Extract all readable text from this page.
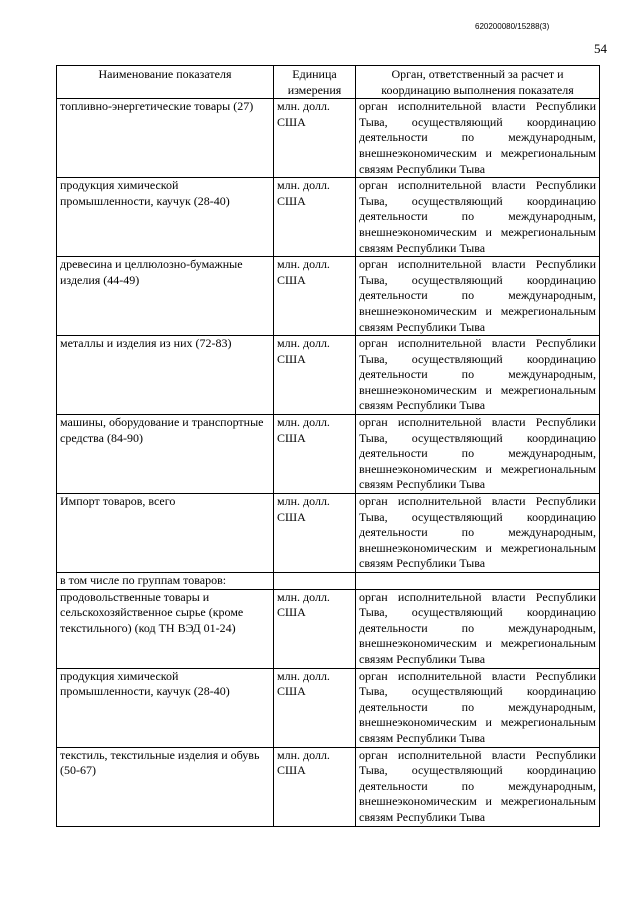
620200080/15288(3)
54
Наименование показателя	Единица измерения	Орган, ответственный за расчет и координацию выполнения показателя
топливно-энергетические товары (27)	млн. долл. США	орган исполнительной власти Республики Тыва, осуществляющий координацию деятельности по международным, внешнеэкономическим и межрегиональным связям Республики Тыва
продукция химической промышленности, каучук (28-40)	млн. долл. США	орган исполнительной власти Республики Тыва, осуществляющий координацию деятельности по международным, внешнеэкономическим и межрегиональным связям Республики Тыва
древесина и целлюлозно-бумажные изделия (44-49)	млн. долл. США	орган исполнительной власти Республики Тыва, осуществляющий координацию деятельности по международным, внешнеэкономическим и межрегиональным связям Республики Тыва
металлы и изделия из них (72-83)	млн. долл. США	орган исполнительной власти Республики Тыва, осуществляющий координацию деятельности по международным, внешнеэкономическим и межрегиональным связям Республики Тыва
машины, оборудование и транспортные средства (84-90)	млн. долл. США	орган исполнительной власти Республики Тыва, осуществляющий координацию деятельности по международным, внешнеэкономическим и межрегиональным связям Республики Тыва
Импорт товаров, всего	млн. долл. США	орган исполнительной власти Республики Тыва, осуществляющий координацию деятельности по международным, внешнеэкономическим и межрегиональным связям Республики Тыва
в том числе по группам товаров:		
продовольственные товары и сельскохозяйственное сырье (кроме текстильного) (код ТН ВЭД 01-24)	млн. долл. США	орган исполнительной власти Республики Тыва, осуществляющий координацию деятельности по международным, внешнеэкономическим и межрегиональным связям Республики Тыва
продукция химической промышленности, каучук (28-40)	млн. долл. США	орган исполнительной власти Республики Тыва, осуществляющий координацию деятельности по международным, внешнеэкономическим и межрегиональным связям Республики Тыва
текстиль, текстильные изделия и обувь (50-67)	млн. долл. США	орган исполнительной власти Республики Тыва, осуществляющий координацию деятельности по международным, внешнеэкономическим и межрегиональным связям Республики Тыва
